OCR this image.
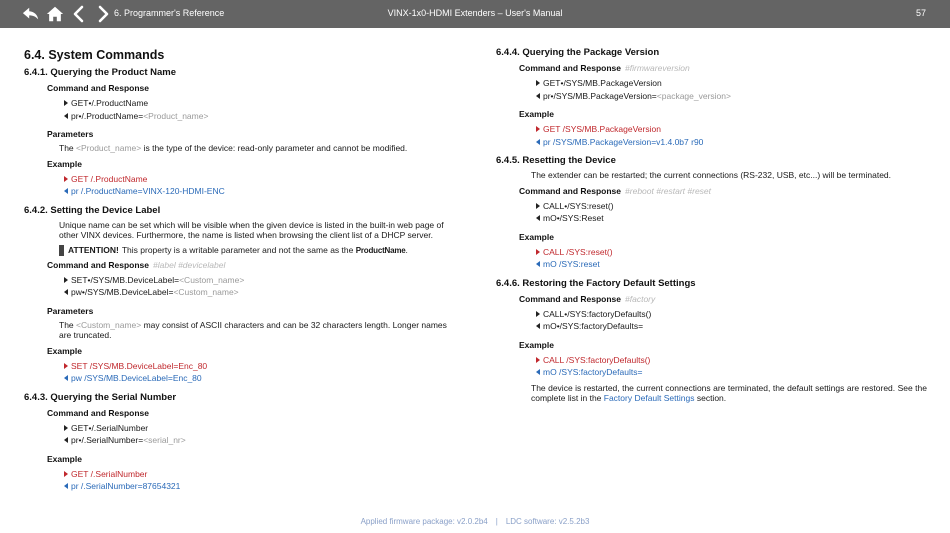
6. Programmer's Reference	VINX-1x0-HDMI Extenders – User's Manual	57
6.4. System Commands
6.4.1. Querying the Product Name
Command and Response
GET•/.ProductName
pr•/.ProductName= <Product_name>
Parameters
The <Product_name> is the type of the device: read-only parameter and cannot be modified.
Example
GET /.ProductName
pr /.ProductName=VINX-120-HDMI-ENC
6.4.2. Setting the Device Label
Unique name can be set which will be visible when the given device is listed in the built-in web page of other VINX devices. Furthermore, the name is listed when browsing the client list of a DHCP server.
ATTENTION! This property is a writable parameter and not the same as the
ProductName .
Command and Response #label #devicelabel
SET•/SYS/MB.DeviceLabel= <Custom_name>
pw•/SYS/MB.DeviceLabel= <Custom_name>
Parameters
The <Custom_name> may consist of ASCII characters and can be 32 characters length. Longer names are truncated.
Example
SET /SYS/MB.DeviceLabel=Enc_80
pw /SYS/MB.DeviceLabel=Enc_80
6.4.3. Querying the Serial Number
Command and Response
GET•/.SerialNumber
pr•/.SerialNumber= <serial_nr>
Example
GET /.SerialNumber
pr /.SerialNumber=87654321
6.4.4. Querying the Package Version
Command and Response #firmwareversion
GET•/SYS/MB.PackageVersion
pr•/SYS/MB.PackageVersion= <package_version>
Example
GET /SYS/MB.PackageVersion
pr /SYS/MB.PackageVersion=v1.4.0b7 r90
6.4.5. Resetting the Device
The extender can be restarted; the current connections (RS-232, USB, etc...) will be terminated.
Command and Response #reboot #restart #reset
CALL•/SYS:reset()
mO•/SYS:Reset
Example
CALL /SYS:reset()
mO /SYS:reset
6.4.6. Restoring the Factory Default Settings
Command and Response #factory
CALL•/SYS:factoryDefaults()
mO•/SYS:factoryDefaults=
Example
CALL /SYS:factoryDefaults()
mO /SYS:factoryDefaults=
The device is restarted, the current connections are terminated, the default settings are restored. See the complete list in the Factory Default Settings section.
Applied firmware package: v2.0.2b4 | LDC software: v2.5.2b3
